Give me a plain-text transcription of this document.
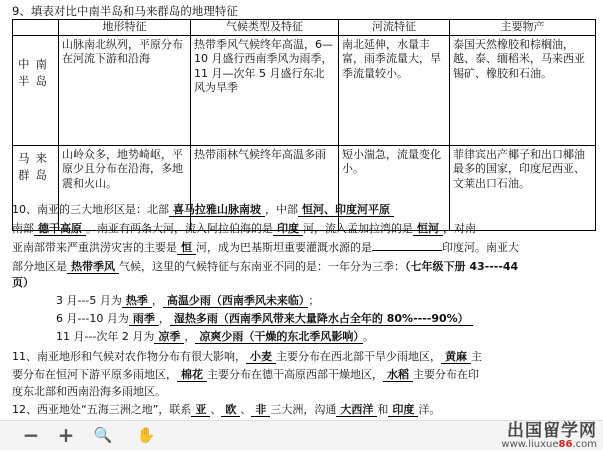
9、填表对比中南半岛和马来群岛的地理特征
	地形特征	气候类型及特征	河流特征	主要物产
中南半岛	山脉南北纵列，平原分布在河流下游和沿海	热带季风气候终年高温，6—10 月盛行西南季风为雨季，11 月—次年 5 月盛行东北风为旱季	南北延伸，水量丰富，雨季流量大，旱季流量较小。	泰国天然橡胶和棕榈油，越、泰、缅稻米，马来西亚锡矿、橡胶和石油。
马来群岛	山岭众多，地势崎岖，平原少且分布在沿海，多地震和火山。	热带雨林气候终年高温多雨	短小湍急，流量变化小。	菲律宾出产椰子和出口椰油最多的国家，印度尼西亚、文莱出口石油。
10、南亚的三大地形区是：北部 喜马拉雅山脉南坡 ，中部 恒河、印度河平原
南部 德干高原 。南亚有两条大河，流入阿拉伯海的是 印度 河，流入孟加拉湾的是 恒河 ，对南
亚南部带来严重洪涝灾害的主要是 恒 河，成为巴基斯坦重要灌溉水源的是	印度河。南亚大
部分地区是 热带季风 气候，这里的气候特征与东南亚不同的是：一年分为三季：（七年级下册 43----44
页）
3 月---5 月为 热季 ， 高温少雨（西南季风未来临） ；
6 月---10 月为 雨季 ， 湿热多雨（西南季风带来大量降水占全年的 80%----90%）
11 月---次年 2 月为 凉季 ， 凉爽少雨（干燥的东北季风影响） 。
11、南亚地形和气候对农作物分布有很大影响， 小麦 主要分布在西北部干旱少雨地区， 黄麻 主
要分布在恒河下游平原多雨地区， 棉花 主要分布在德干高原西部干燥地区， 水稻 主要分布在印
度东北部和西南沿海多雨地区。
12、西亚地处“五海三洲之地”，联系 亚 、 欧 、 非 三大洲，沟通 大西洋 和 印度 洋。
− + 🔍 ✋	出国留学网
www.liuxue86.com
